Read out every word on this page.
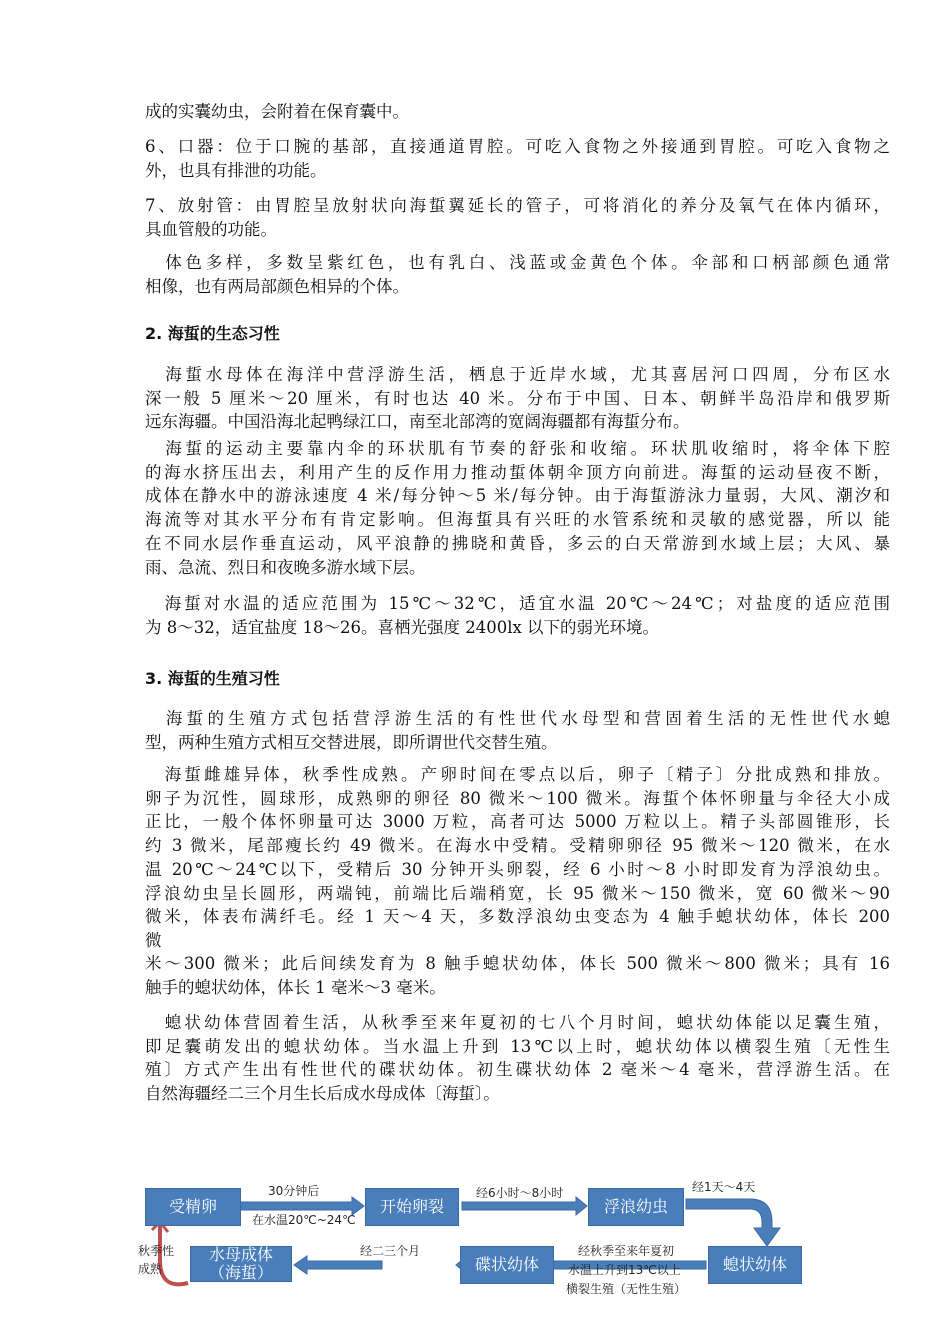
成的实囊幼虫，会附着在保育囊中。
6、口器：位于口腕的基部，直接通道胃腔。可吃入食物之外接通到胃腔。可吃入食物之
外，也具有排泄的功能。
7、放射管：由胃腔呈放射状向海蜇翼延长的管子，可将消化的养分及氧气在体内循环，
具血管般的功能。
　体色多样，多数呈紫红色，也有乳白、浅蓝或金黄色个体。伞部和口柄部颜色通常
相像，也有两局部颜色相异的个体。
　海蜇水母体在海洋中营浮游生活，栖息于近岸水域，尤其喜居河口四周，分布区水
深一般 5 厘米～20 厘米，有时也达 40 米。分布于中国、日本、朝鲜半岛沿岸和俄罗斯
远东海疆。中国沿海北起鸭绿江口，南至北部湾的宽阔海疆都有海蜇分布。
　海蜇的运动主要靠内伞的环状肌有节奏的舒张和收缩。环状肌收缩时，将伞体下腔
的海水挤压出去，利用产生的反作用力推动蜇体朝伞顶方向前进。海蜇的运动昼夜不断，
成体在静水中的游泳速度 4 米/每分钟～5 米/每分钟。由于海蜇游泳力量弱，大风、潮汐和
海流等对其水平分布有肯定影响。但海蜇具有兴旺的水管系统和灵敏的感觉器，所以 能
在不同水层作垂直运动，风平浪静的拂晓和黄昏，多云的白天常游到水域上层；大风、暴
雨、急流、烈日和夜晚多游水域下层。
　海蜇对水温的适应范围为 15℃～32℃，适宜水温 20℃～24℃；对盐度的适应范围
为 8～32，适宜盐度 18～26。喜栖光强度 2400lx 以下的弱光环境。
　海蜇的生殖方式包括营浮游生活的有性世代水母型和营固着生活的无性世代水螅
型，两种生殖方式相互交替进展，即所谓世代交替生殖。
　海蜇雌雄异体，秋季性成熟。产卵时间在零点以后，卵子〔精子〕分批成熟和排放。
卵子为沉性，圆球形，成熟卵的卵径 80 微米～100 微米。海蜇个体怀卵量与伞径大小成
正比，一般个体怀卵量可达 3000 万粒，高者可达 5000 万粒以上。精子头部圆锥形，长
约 3 微米，尾部瘦长约 49 微米。在海水中受精。受精卵卵径 95 微米～120 微米，在水
温 20℃～24℃以下，受精后 30 分钟开头卵裂，经 6 小时～8 小时即发育为浮浪幼虫。
浮浪幼虫呈长圆形，两端钝，前端比后端稍宽，长 95 微米～150 微米，宽 60 微米～90
微米，体表布满纤毛。经 1 天～4 天，多数浮浪幼虫变态为 4 触手螅状幼体，体长 200
微
米～300 微米；此后间续发育为 8 触手螅状幼体，体长 500 微米～800 微米；具有 16
触手的螅状幼体，体长 1 毫米～3 毫米。
　螅状幼体营固着生活，从秋季至来年夏初的七八个月时间，螅状幼体能以足囊生殖，
即足囊萌发出的螅状幼体。当水温上升到 13℃以上时，螅状幼体以横裂生殖〔无性生
殖〕方式产生出有性世代的碟状幼体。初生碟状幼体 2 毫米～4 毫米，营浮游生活。在
自然海疆经二三个月生长后成水母成体〔海蜇〕。
2. 海蜇的生态习性
3. 海蜇的生殖习性
受精卵	开始卵裂	浮浪幼虫
螅状幼体
碟状幼体
水母成体（海蜇）
30分钟后
在水温20℃~24℃
经6小时～8小时	经1天～4天
经秋季至来年夏初
水温上升到13℃以上
横裂生殖（无性生殖）
经二三个月
秋季性成熟
